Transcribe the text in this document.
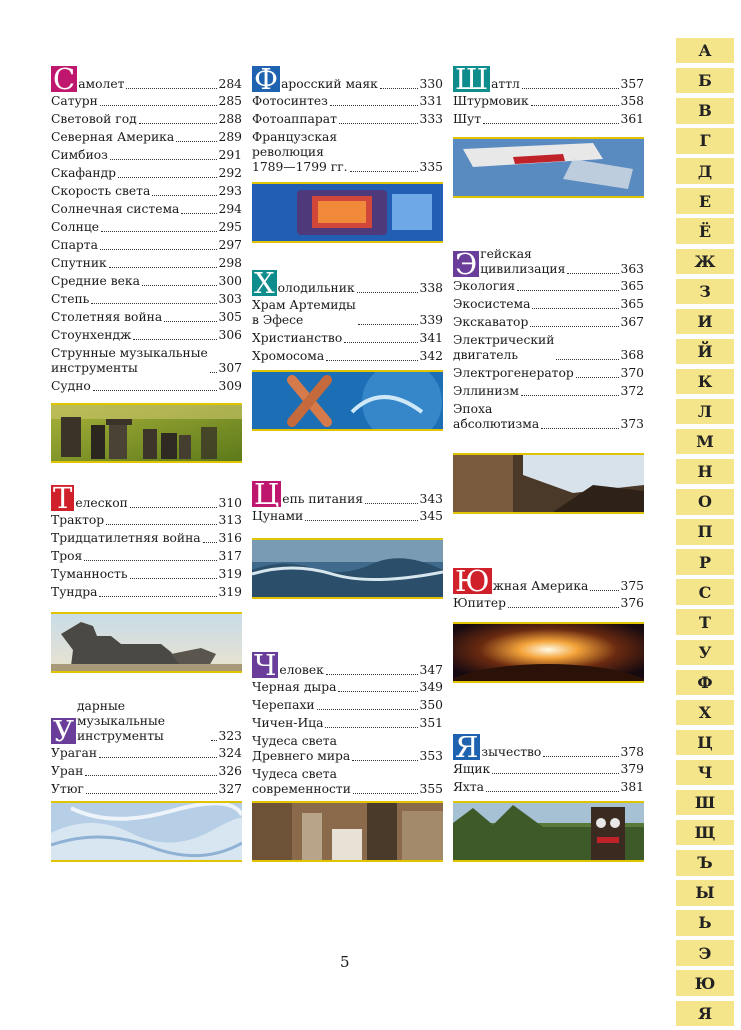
С амолет	284
Сатурн	285
Световой год	288
Северная Америка	289
Симбиоз	291
Скафандр	292
Скорость света	293
Солнечная система	294
Солнце	295
Спарта	297
Спутник	298
Средние века	300
Степь	303
Столетняя война	305
Стоунхендж	306
Струнные музыкальные
инструменты	307
Судно	309
Т елескоп	310
Трактор	313
Тридцатилетняя война 316
Троя	317
Туманность	319
Тундра	319
У
дарные музыкальные
инструменты	323
Ураган	324
Уран	326
Утюг	327
Ф аросский маяк	330
Фотосинтез	331
Фотоаппарат	333
Французская
революция
1789—1799 гг.	335
Х олодильник	338
Храм Артемиды
в Эфесе	339
Христианство	341
Хромосома	342
Ц епь питания	343
Цунами	345
Ч еловек	347
Черная дыра	349
Черепахи	350
Чичен-Ица	351
Чудеса света
Древнего мира	353
Чудеса света
современности	355
Ш аттл	357
Штурмовик	358
Шут	361
Э гейская
цивилизация	363
Экология	365
Экосистема	365
Экскаватор	367
Электрический
двигатель	368
Электрогенератор	370
Эллинизм	372
Эпоха
абсолютизма	373
Ю жная Америка	375
Юпитер	376
Я зычество	378
Ящик	379
Яхта	381
А
Б
В
Г
Д
Е
Ё
Ж
З
И
Й
К
Л
М
Н
О
П
Р
С
Т
У
Ф
Х
Ц
Ч
Ш
Щ
Ъ
Ы
Ь
Э
Ю
Я
5
